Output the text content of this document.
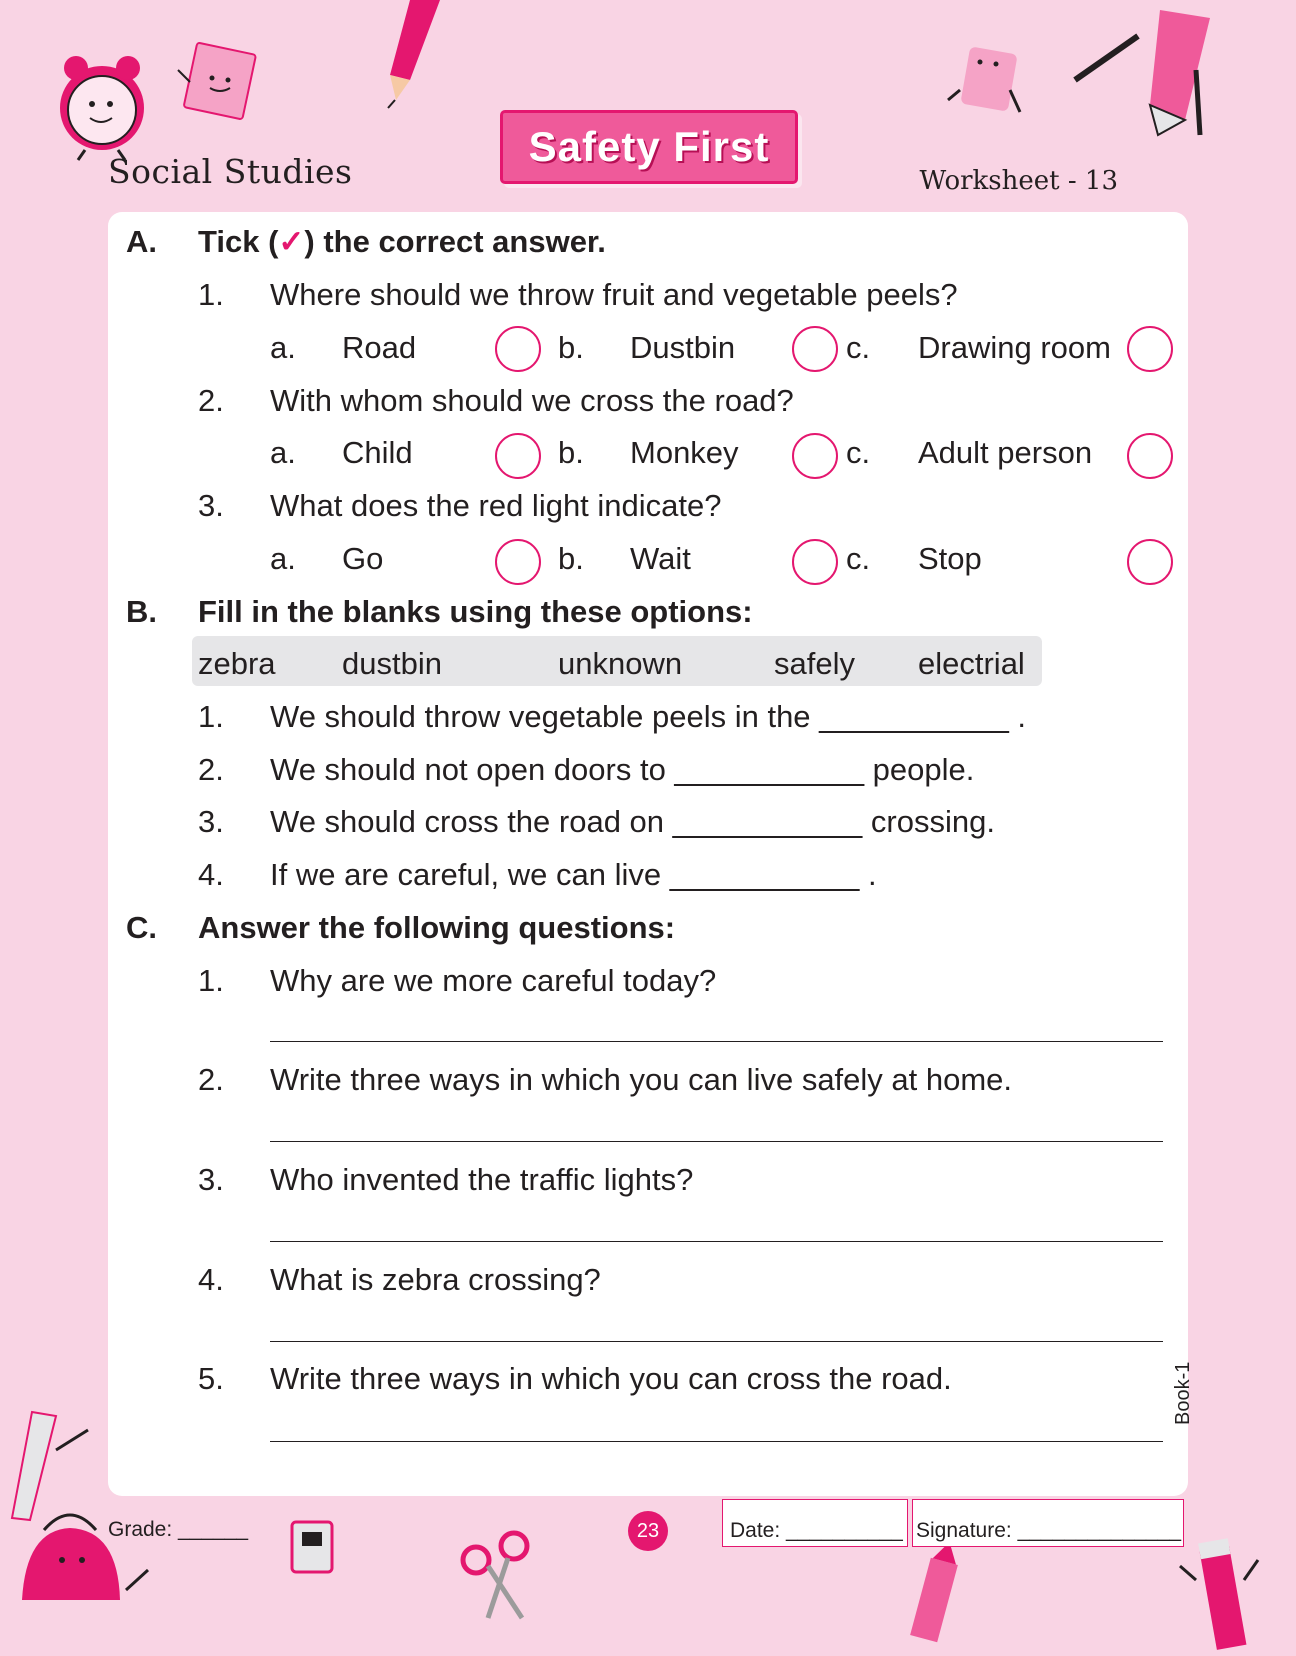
Social Studies
Safety First
Worksheet - 13
A. Tick (✓) the correct answer.
1. Where should we throw fruit and vegetable peels?
a. Road	b. Dustbin	c. Drawing room
2. With whom should we cross the road?
a. Child	b. Monkey	c. Adult person
3. What does the red light indicate?
a. Go	b. Wait	c. Stop
B. Fill in the blanks using these options:
zebra dustbin	unknown	safely electrial
1. We should throw vegetable peels in the ___________ .
2. We should not open doors to ___________ people.
3. We should cross the road on ___________ crossing.
4. If we are careful, we can live ___________ .
C. Answer the following questions:
1. Why are we more careful today?
2. Write three ways in which you can live safely at home.
3. Who invented the traffic lights?
4. What is zebra crossing?
5. Write three ways in which you can cross the road.
Grade: ______	23	Date: __________ Signature: ______________
Book-1
